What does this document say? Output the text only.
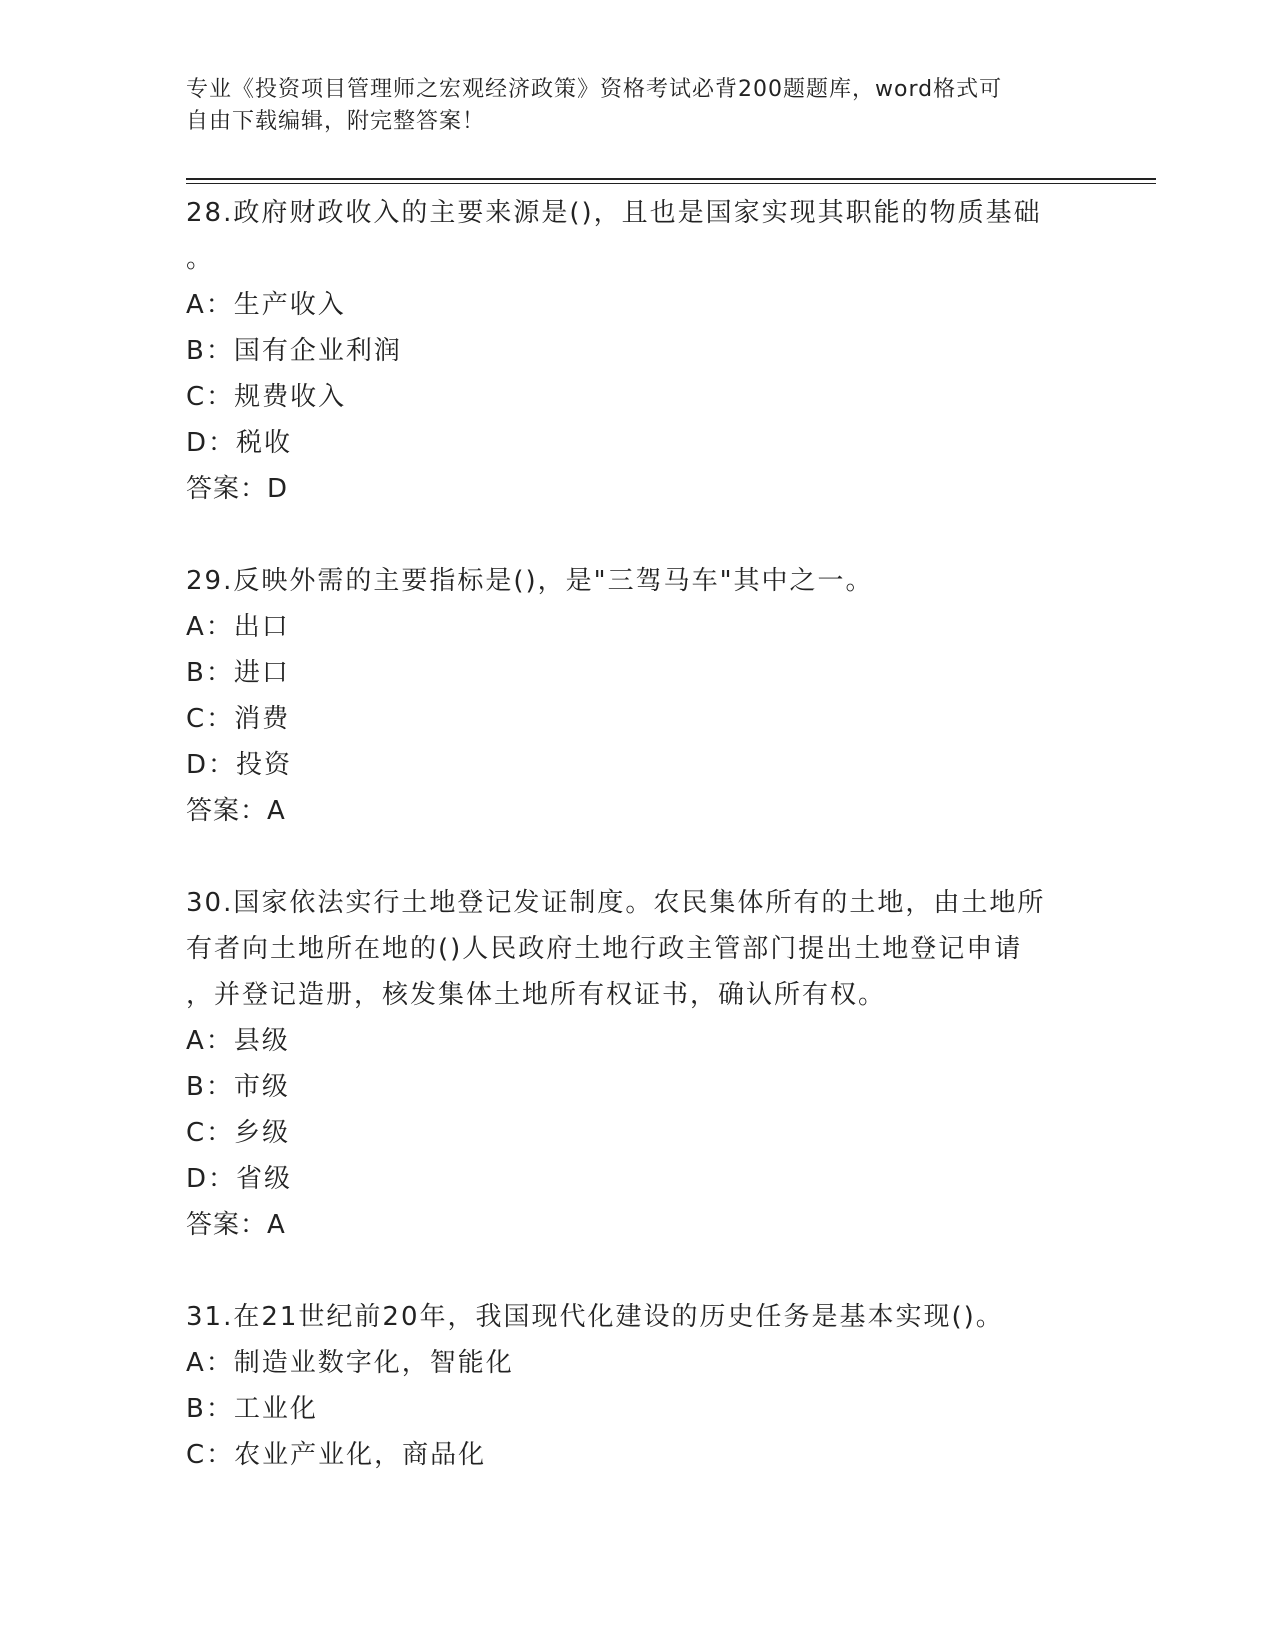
专业《投资项目管理师之宏观经济政策》资格考试必背200题题库，word格式可
自由下载编辑，附完整答案！
28.政府财政收入的主要来源是()，且也是国家实现其职能的物质基础
。
A：生产收入
B：国有企业利润
C：规费收入
D：税收
答案：D
29.反映外需的主要指标是()，是"三驾马车"其中之一。
A：出口
B：进口
C：消费
D：投资
答案：A
30.国家依法实行土地登记发证制度。农民集体所有的土地，由土地所
有者向土地所在地的()人民政府土地行政主管部门提出土地登记申请
，并登记造册，核发集体土地所有权证书，确认所有权。
A：县级
B：市级
C：乡级
D：省级
答案：A
31.在21世纪前20年，我国现代化建设的历史任务是基本实现()。
A：制造业数字化，智能化
B：工业化
C：农业产业化，商品化
